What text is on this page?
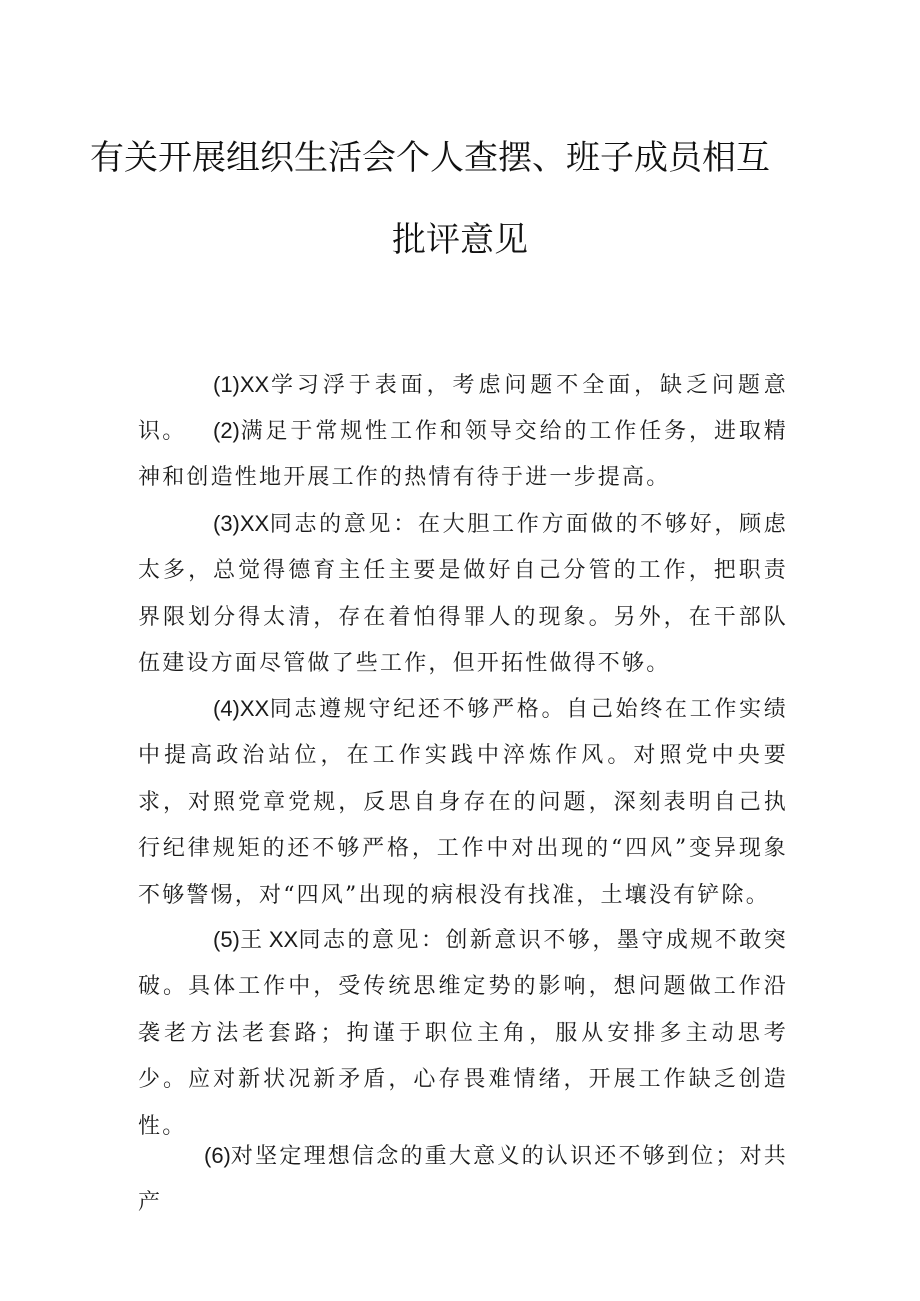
有关开展组织生活会个人查摆、班子成员相互
批评意见

(1)XX学习浮于表面，考虑问题不全面，缺乏问题意识。	(2)满足于常规性工作和领导交给的工作任务，进取精神和创造性地开展工作的热情有待于进一步提高。

(3)XX同志的意见：在大胆工作方面做的不够好，顾虑太多，总觉得德育主任主要是做好自己分管的工作，把职责界限划分得太清，存在着怕得罪人的现象。另外，在干部队伍建设方面尽管做了些工作，但开拓性做得不够。

(4)XX同志遵规守纪还不够严格。自己始终在工作实绩中提高政治站位，在工作实践中淬炼作风。对照党中央要求，对照党章党规，反思自身存在的问题，深刻表明自己执行纪律规矩的还不够严格，工作中对出现的“四风”变异现象不够警惕，对“四风”出现的病根没有找准，土壤没有铲除。

(5)王 XX同志的意见：创新意识不够，墨守成规不敢突破。具体工作中，受传统思维定势的影响，想问题做工作沿袭老方法老套路；拘谨于职位主角，服从安排多主动思考少。应对新状况新矛盾，心存畏难情绪，开展工作缺乏创造性。

(6)对坚定理想信念的重大意义的认识还不够到位；对共产
